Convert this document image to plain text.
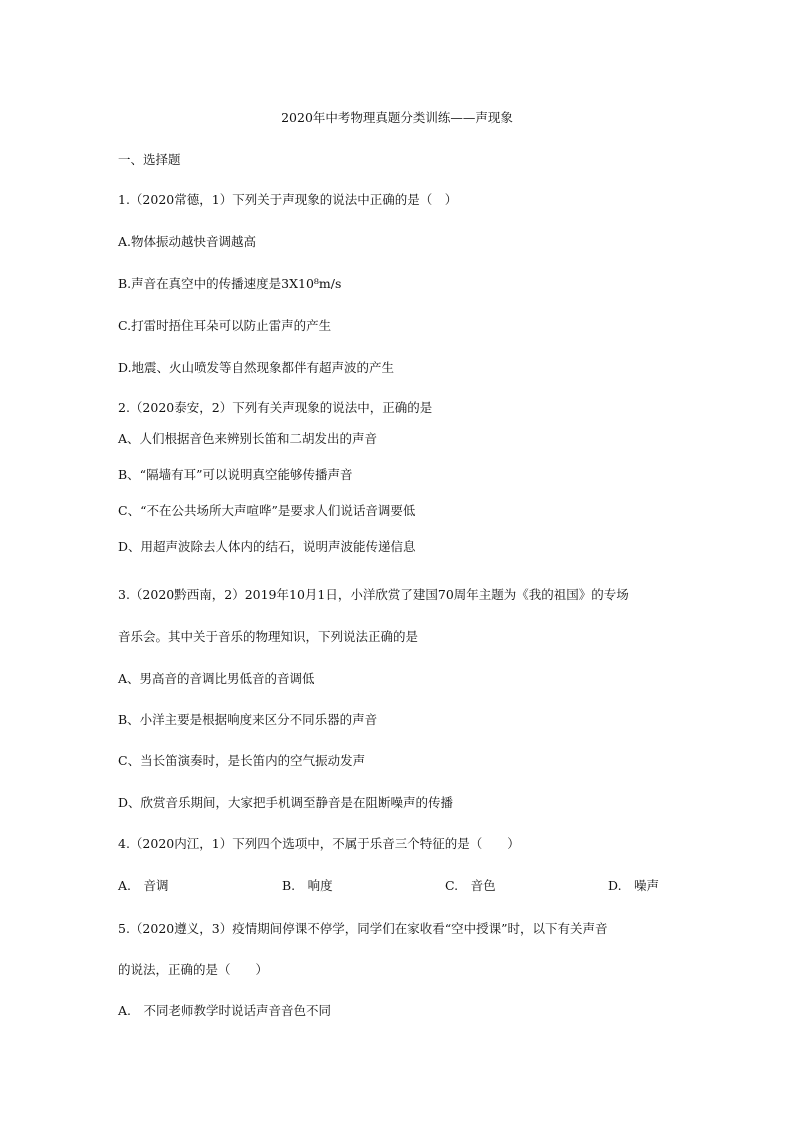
2020年中考物理真题分类训练——声现象
一、选择题
1.（2020常德，1）下列关于声现象的说法中正确的是（　）
A.物体振动越快音调越高
B.声音在真空中的传播速度是3X10⁸m/s
C.打雷时捂住耳朵可以防止雷声的产生
D.地震、火山喷发等自然现象都伴有超声波的产生
2.（2020泰安，2）下列有关声现象的说法中，正确的是
A、人们根据音色来辨别长笛和二胡发出的声音
B、“隔墙有耳”可以说明真空能够传播声音
C、“不在公共场所大声喧哗”是要求人们说话音调要低
D、用超声波除去人体内的结石，说明声波能传递信息
3.（2020黔西南，2）2019年10月1日，小洋欣赏了建国70周年主题为《我的祖国》的专场
音乐会。其中关于音乐的物理知识，下列说法正确的是
A、男高音的音调比男低音的音调低
B、小洋主要是根据响度来区分不同乐器的声音
C、当长笛演奏时，是长笛内的空气振动发声
D、欣赏音乐期间，大家把手机调至静音是在阻断噪声的传播
4.（2020内江，1）下列四个选项中，不属于乐音三个特征的是（　　）
A.　音调	B.　响度	C.　音色	D.　噪声
5.（2020遵义，3）疫情期间停课不停学，同学们在家收看“空中授课”时，以下有关声音
的说法，正确的是（　　）
A.　不同老师教学时说话声音音色不同
